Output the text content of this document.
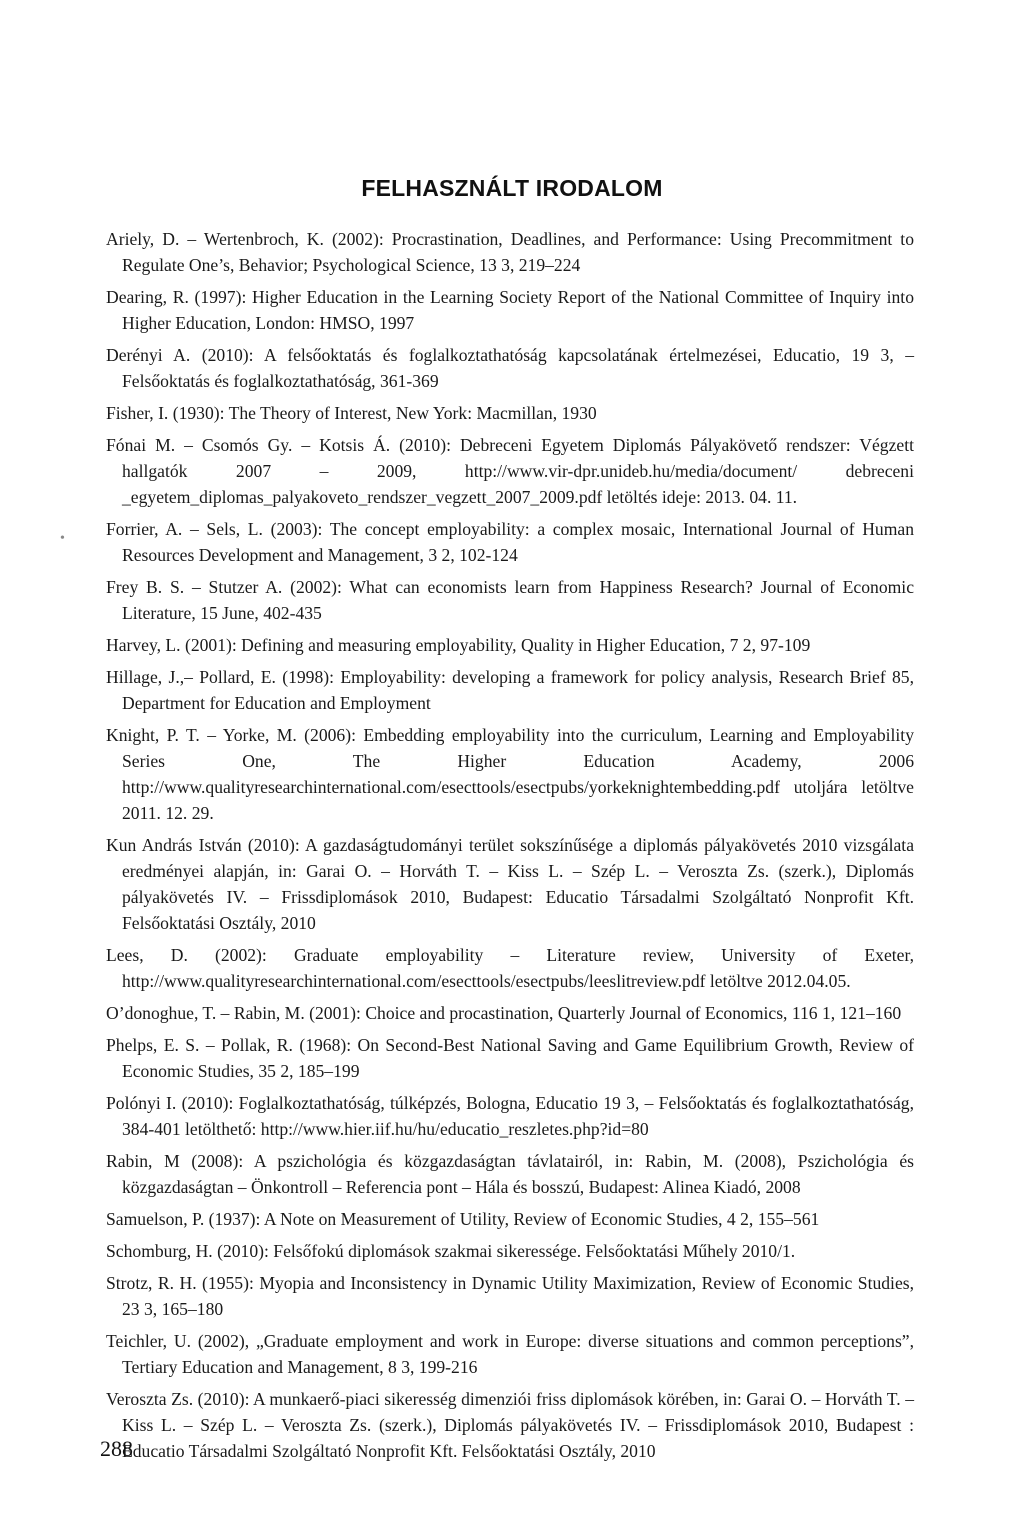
FELHASZNÁLT IRODALOM
Ariely, D. – Wertenbroch, K. (2002): Procrastination, Deadlines, and Performance: Using Precommitment to Regulate One’s, Behavior; Psychological Science, 13 3, 219–224
Dearing, R. (1997): Higher Education in the Learning Society Report of the National Committee of Inquiry into Higher Education, London: HMSO, 1997
Derényi A. (2010): A felsőoktatás és foglalkoztathatóság kapcsolatának értelmezései, Educatio, 19 3, – Felsőoktatás és foglalkoztathatóság, 361-369
Fisher, I. (1930): The Theory of Interest, New York: Macmillan, 1930
Fónai M. – Csomós Gy. – Kotsis Á. (2010): Debreceni Egyetem Diplomás Pályakövető rendszer: Végzett hallgatók 2007 – 2009, http://www.vir-dpr.unideb.hu/media/document/ debreceni _egyetem_diplomas_palyakoveto_rendszer_vegzett_2007_2009.pdf letöltés ideje: 2013. 04. 11.
Forrier, A. – Sels, L. (2003): The concept employability: a complex mosaic, International Journal of Human Resources Development and Management, 3 2, 102-124
Frey B. S. – Stutzer A. (2002): What can economists learn from Happiness Research? Journal of Economic Literature, 15 June, 402-435
Harvey, L. (2001): Defining and measuring employability, Quality in Higher Education, 7 2, 97-109
Hillage, J.,– Pollard, E. (1998): Employability: developing a framework for policy analysis, Research Brief 85, Department for Education and Employment
Knight, P. T. – Yorke, M. (2006): Embedding employability into the curriculum, Learning and Employability Series One, The Higher Education Academy, 2006 http://www.qualityresearchinternational.com/esecttools/esectpubs/yorkeknightembedding.pdf utoljára letöltve 2011. 12. 29.
Kun András István (2010): A gazdaságtudományi terület sokszínűsége a diplomás pályakövetés 2010 vizsgálata eredményei alapján, in: Garai O. – Horváth T. – Kiss L. – Szép L. – Veroszta Zs. (szerk.), Diplomás pályakövetés IV. – Frissdiplomások 2010, Budapest: Educatio Társadalmi Szolgáltató Nonprofit Kft. Felsőoktatási Osztály, 2010
Lees, D. (2002): Graduate employability – Literature review, University of Exeter, http://www.qualityresearchinternational.com/esecttools/esectpubs/leeslitreview.pdf letöltve 2012.04.05.
O’donoghue, T. – Rabin, M. (2001): Choice and procastination, Quarterly Journal of Economics, 116 1, 121–160
Phelps, E. S. – Pollak, R. (1968): On Second-Best National Saving and Game Equilibrium Growth, Review of Economic Studies, 35 2, 185–199
Polónyi I. (2010): Foglalkoztathatóság, túlképzés, Bologna, Educatio 19 3, – Felsőoktatás és foglalkoztathatóság, 384-401 letölthető: http://www.hier.iif.hu/hu/educatio_reszletes.php?id=80
Rabin, M (2008): A pszichológia és közgazdaságtan távlatairól, in: Rabin, M. (2008), Pszichológia és közgazdaságtan – Önkontroll – Referencia pont – Hála és bosszú, Budapest: Alinea Kiadó, 2008
Samuelson, P. (1937): A Note on Measurement of Utility, Review of Economic Studies, 4 2, 155–561
Schomburg, H. (2010): Felsőfokú diplomások szakmai sikeressége. Felsőoktatási Műhely 2010/1.
Strotz, R. H. (1955): Myopia and Inconsistency in Dynamic Utility Maximization, Review of Economic Studies, 23 3, 165–180
Teichler, U. (2002), „Graduate employment and work in Europe: diverse situations and common perceptions”, Tertiary Education and Management, 8 3, 199-216
Veroszta Zs. (2010): A munkaerő-piaci sikeresség dimenziói friss diplomások körében, in: Garai O. – Horváth T. – Kiss L. – Szép L. – Veroszta Zs. (szerk.), Diplomás pályakövetés IV. – Frissdiplomások 2010, Budapest : Educatio Társadalmi Szolgáltató Nonprofit Kft. Felsőoktatási Osztály, 2010
•
288
